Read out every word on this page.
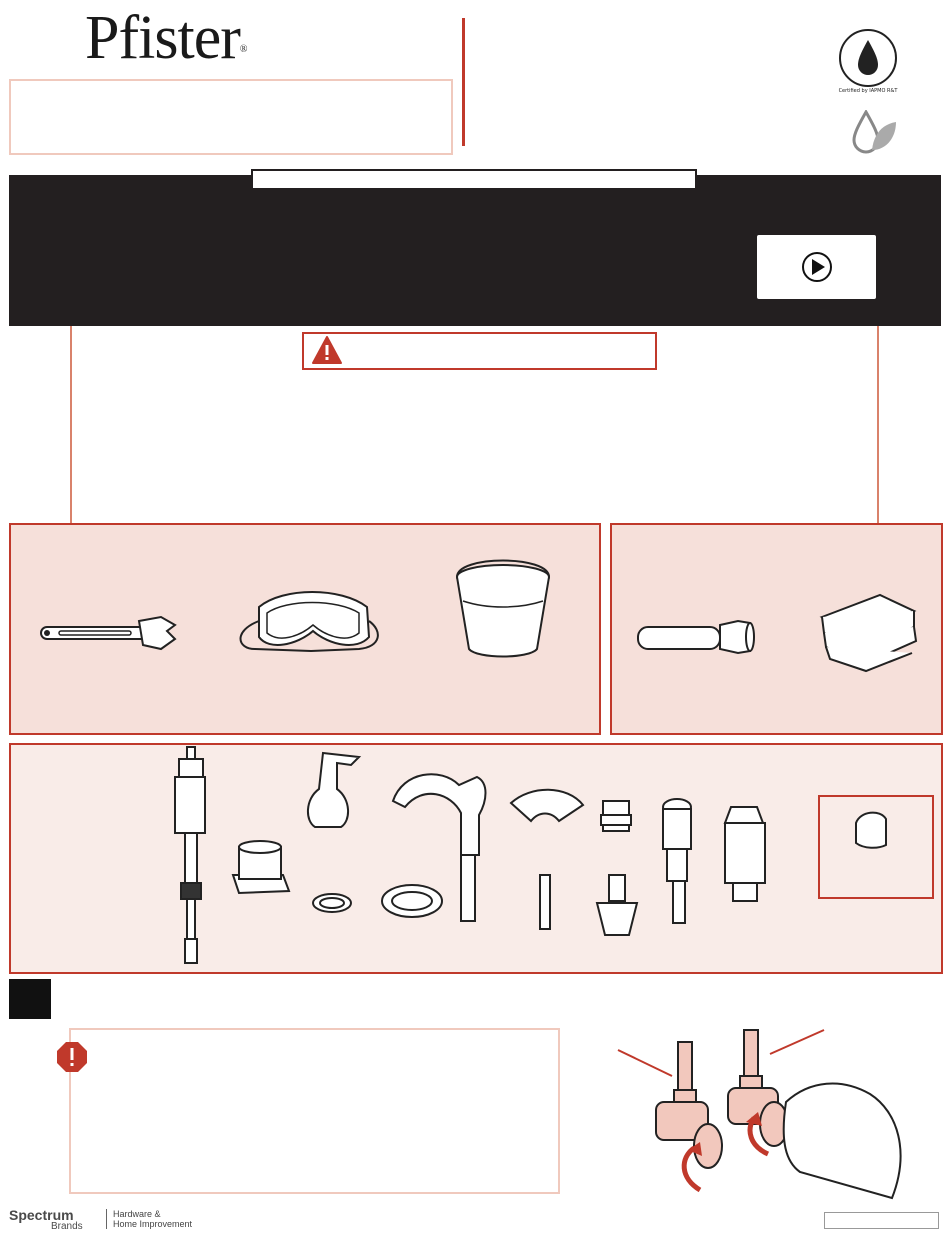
Pfister®
Certified by IAPMO R&T
Spectrum
Brands
Hardware &
Home Improvement
